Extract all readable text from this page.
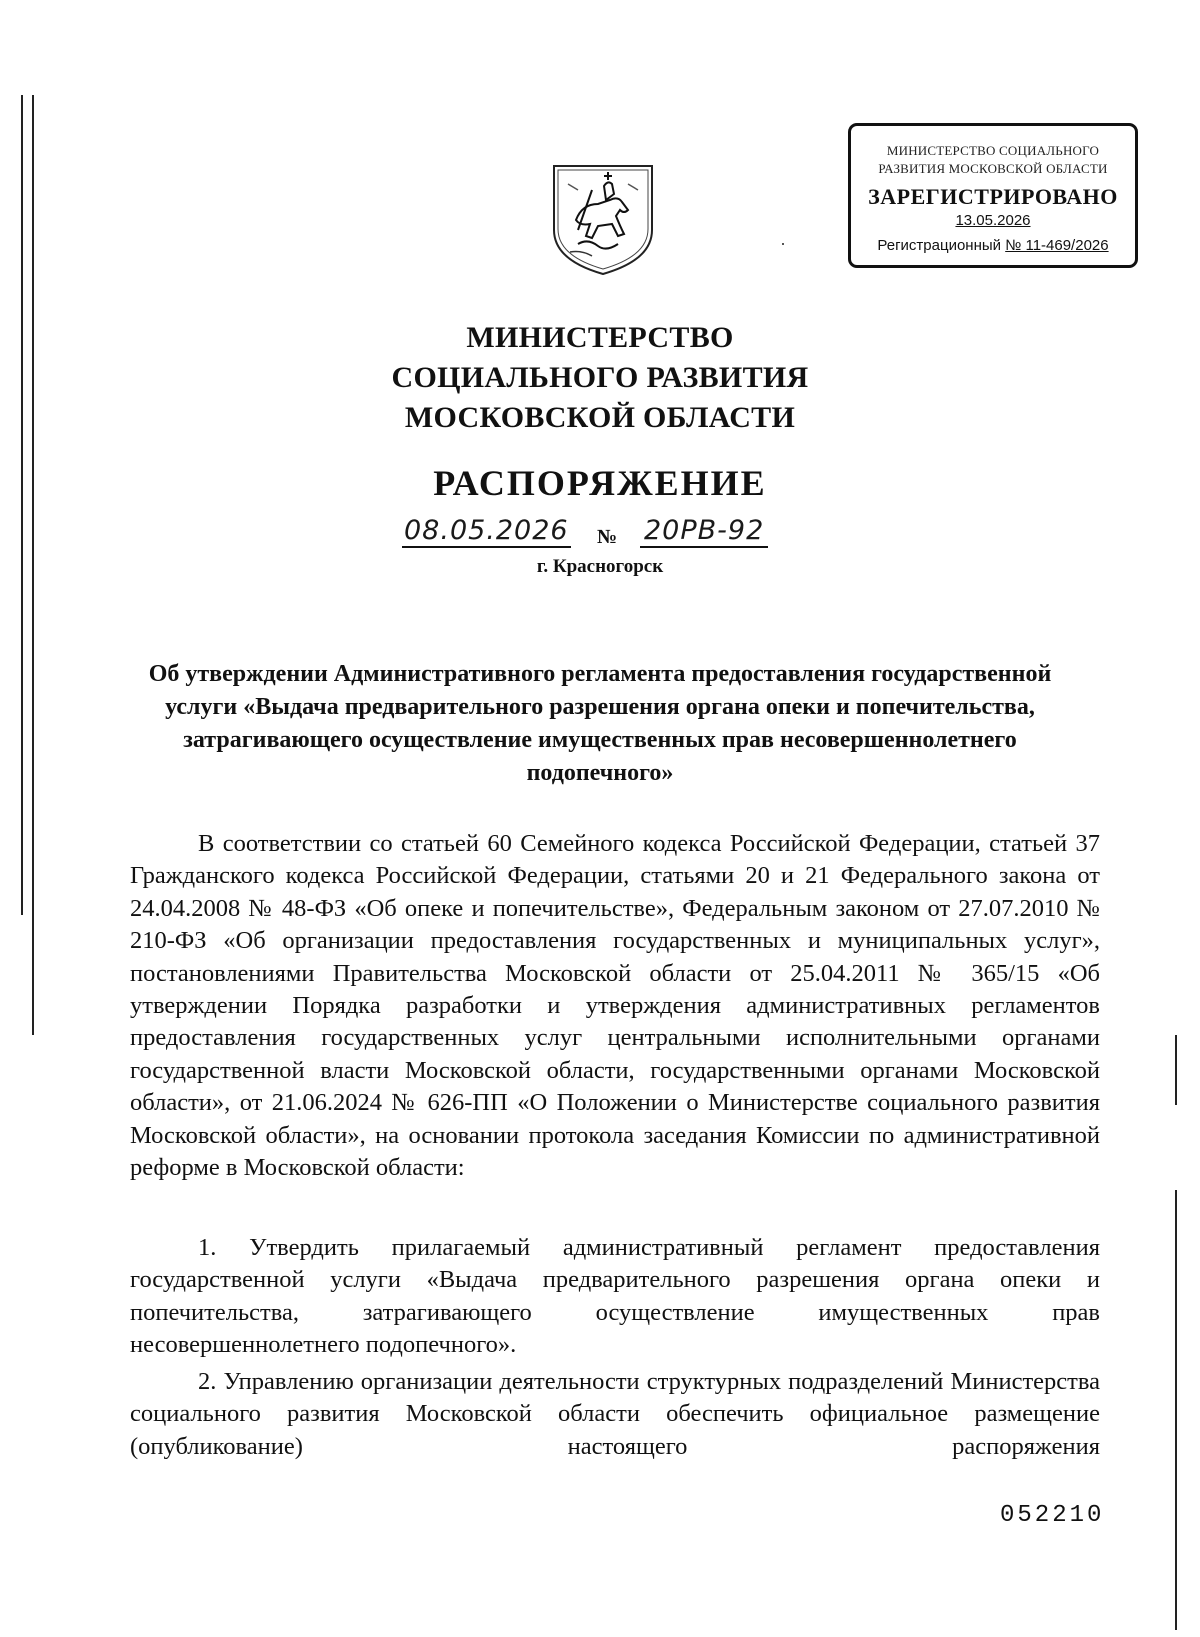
МИНИСТЕРСТВО СОЦИАЛЬНОГО
РАЗВИТИЯ МОСКОВСКОЙ ОБЛАСТИ
ЗАРЕГИСТРИРОВАНО
13.05.2026
Регистрационный № 11-469/2026
МИНИСТЕРСТВО
СОЦИАЛЬНОГО РАЗВИТИЯ
МОСКОВСКОЙ ОБЛАСТИ
РАСПОРЯЖЕНИЕ
08.05.2026 № 20РВ-92
г. Красногорск
Об утверждении Административного регламента предоставления государственной услуги «Выдача предварительного разрешения органа опеки и попечительства, затрагивающего осуществление имущественных прав несовершеннолетнего подопечного»
В соответствии со статьей 60 Семейного кодекса Российской Федерации, статьей 37 Гражданского кодекса Российской Федерации, статьями 20 и 21 Федерального закона от 24.04.2008 № 48-ФЗ «Об опеке и попечительстве», Федеральным законом от 27.07.2010 № 210-ФЗ «Об организации предоставления государственных и муниципальных услуг», постановлениями Правительства Московской области от 25.04.2011 № 365/15 «Об утверждении Порядка разработки и утверждения административных регламентов предоставления государственных услуг центральными исполнительными органами государственной власти Московской области, государственными органами Московской области», от 21.06.2024 № 626-ПП «О Положении о Министерстве социального развития Московской области», на основании протокола заседания Комиссии по административной реформе в Московской области:
1. Утвердить прилагаемый административный регламент предоставления государственной услуги «Выдача предварительного разрешения органа опеки и попечительства, затрагивающего осуществление имущественных прав несовершеннолетнего подопечного».
2. Управлению организации деятельности структурных подразделений Министерства социального развития Московской области обеспечить официальное размещение (опубликование) настоящего распоряжения
052210
